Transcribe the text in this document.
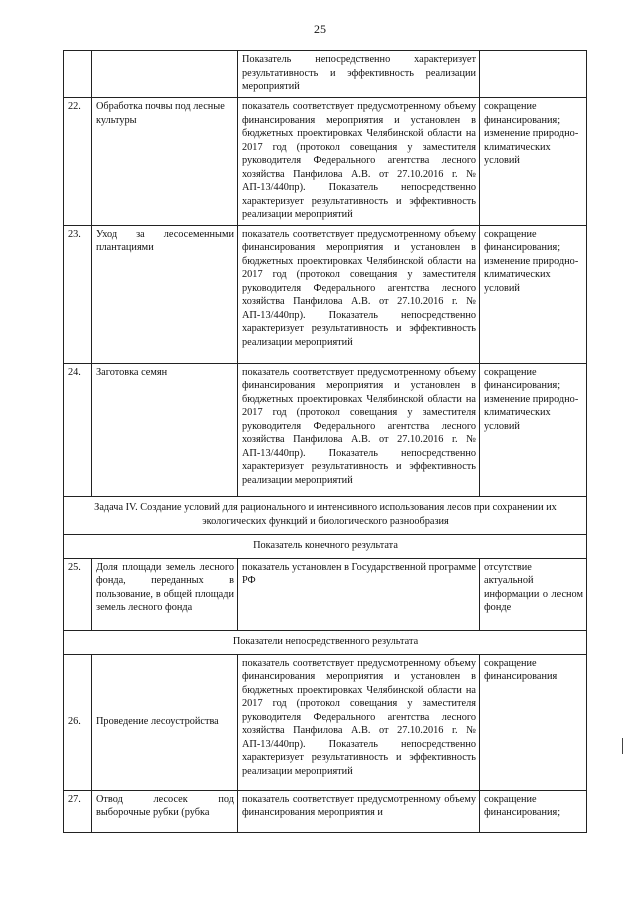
25
		Показатель непосредственно характеризует результативность и эффективность реализации мероприятий	
22.	Обработка почвы под лесные культуры	показатель соответствует предусмотренному объему финансирования мероприятия и установлен в бюджетных проектировках Челябинской области на 2017 год (протокол совещания у заместителя руководителя Федерального агентства лесного хозяйства Панфилова А.В. от 27.10.2016 г. № АП-13/440пр). Показатель непосредственно характеризует результативность и эффективность реализации мероприятий	сокращение финансирования;
изменение природно-климатических условий
23.	Уход за лесосеменными плантациями	показатель соответствует предусмотренному объему финансирования мероприятия и установлен в бюджетных проектировках Челябинской области на 2017 год (протокол совещания у заместителя руководителя Федерального агентства лесного хозяйства Панфилова А.В. от 27.10.2016 г. № АП-13/440пр). Показатель непосредственно характеризует результативность и эффективность реализации мероприятий	сокращение финансирования;
изменение природно-климатических условий
24.	Заготовка семян	показатель соответствует предусмотренному объему финансирования мероприятия и установлен в бюджетных проектировках Челябинской области на 2017 год (протокол совещания у заместителя руководителя Федерального агентства лесного хозяйства Панфилова А.В. от 27.10.2016 г. № АП-13/440пр). Показатель непосредственно характеризует результативность и эффективность реализации мероприятий	сокращение финансирования;
изменение природно-климатических условий
Задача IV. Создание условий для рационального и интенсивного использования лесов при сохранении их экологических функций и биологического разнообразия			
Показатель конечного результата			
25.	Доля площади земель лесного фонда, переданных в пользование, в общей площади земель лесного фонда	показатель установлен в Государственной программе РФ	отсутствие актуальной информации о лесном фонде
Показатели непосредственного результата			
26.	Проведение лесоустройства	показатель соответствует предусмотренному объему финансирования мероприятия и установлен в бюджетных проектировках Челябинской области на 2017 год (протокол совещания у заместителя руководителя Федерального агентства лесного хозяйства Панфилова А.В. от 27.10.2016 г. № АП-13/440пр). Показатель непосредственно характеризует результативность и эффективность реализации мероприятий	сокращение финансирования
27.	Отвод лесосек под выборочные рубки (рубка	показатель соответствует предусмотренному объему финансирования мероприятия и	сокращение финансирования;
